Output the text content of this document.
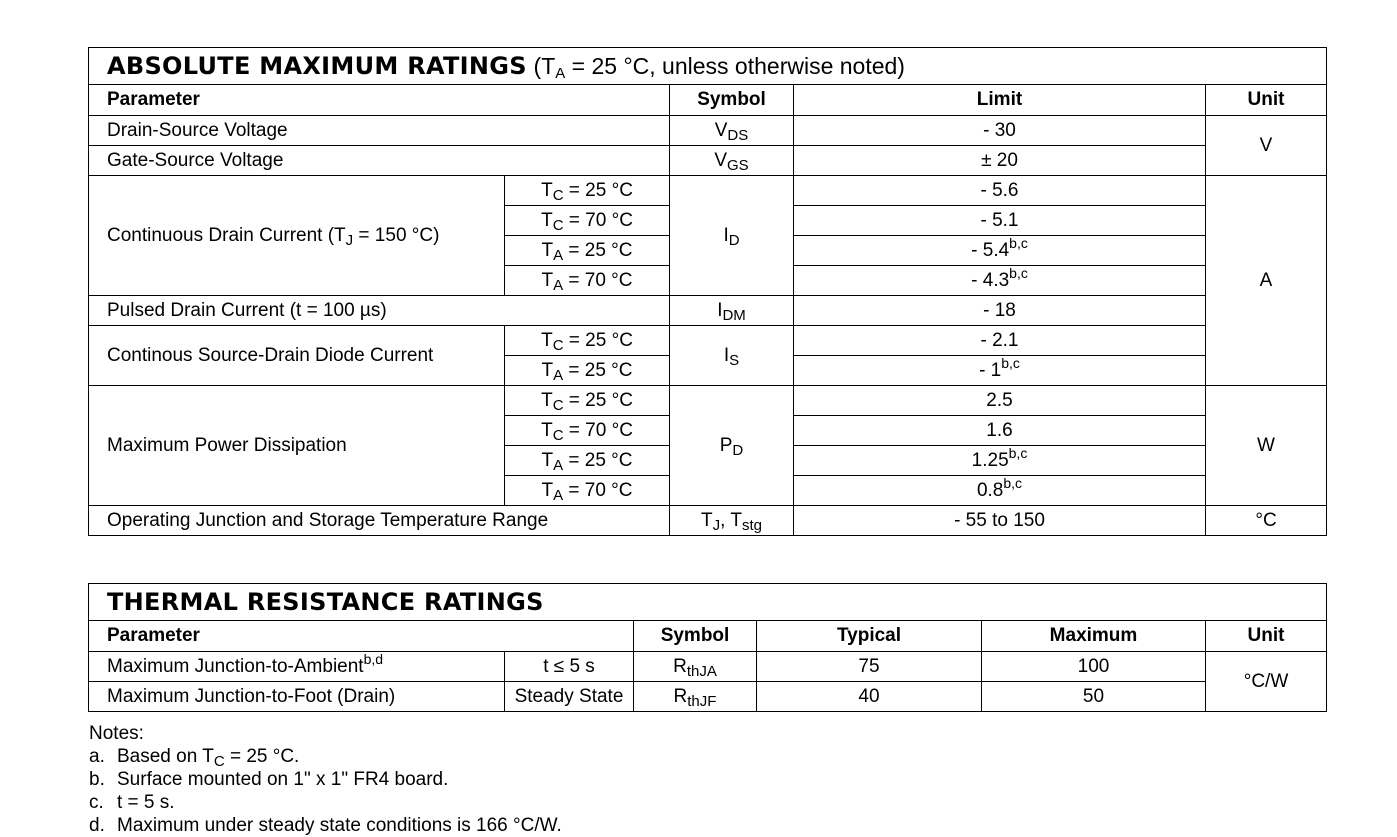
ABSOLUTE MAXIMUM RATINGS ($T_A = 25$ °C, unless otherwise noted)				
Parameter		Symbol	Limit	Unit
Drain-Source Voltage		$V_{DS}$	- 30	V
Gate-Source Voltage		$V_{GS}$	± 20	
Continuous Drain Current ($T_J = 150$ °C)	$T_C = 25$ °C	$I_D$	- 5.6	A
	$T_C = 70$ °C		- 5.1	
	$T_A = 25$ °C		- 5.4$^{b,c}$
	$T_A = 70$ °C		- 4.3$^{b,c}$
Pulsed Drain Current (t = 100 µs)		$I_{DM}$	- 18	
Continous Source-Drain Diode Current	$T_C = 25$ °C	$I_S$	- 2.1	
	$T_A = 25$ °C		- 1$^{b,c}$
Maximum Power Dissipation	$T_C = 25$ °C	$P_D$	2.5	W
	$T_C = 70$ °C		1.6	
	$T_A = 25$ °C		1.25$^{b,c}$
	$T_A = 70$ °C		0.8$^{b,c}$
Operating Junction and Storage Temperature Range		$T_J$, $T_{stg}$	- 55 to 150	°C
THERMAL RESISTANCE RATINGS					
Parameter		Symbol	Typical	Maximum	Unit
Maximum Junction-to-Ambient$^{b,d}$	t ≤ 5 s	$R_{thJA}$	75	100	°C/W
Maximum Junction-to-Foot (Drain)	Steady State	$R_{thJF}$	40	50	
Notes:
a. Based on $T_C = 25$ °C.
b. Surface mounted on 1" x 1" FR4 board.
c. t = 5 s.
d. Maximum under steady state conditions is 166 °C/W.
